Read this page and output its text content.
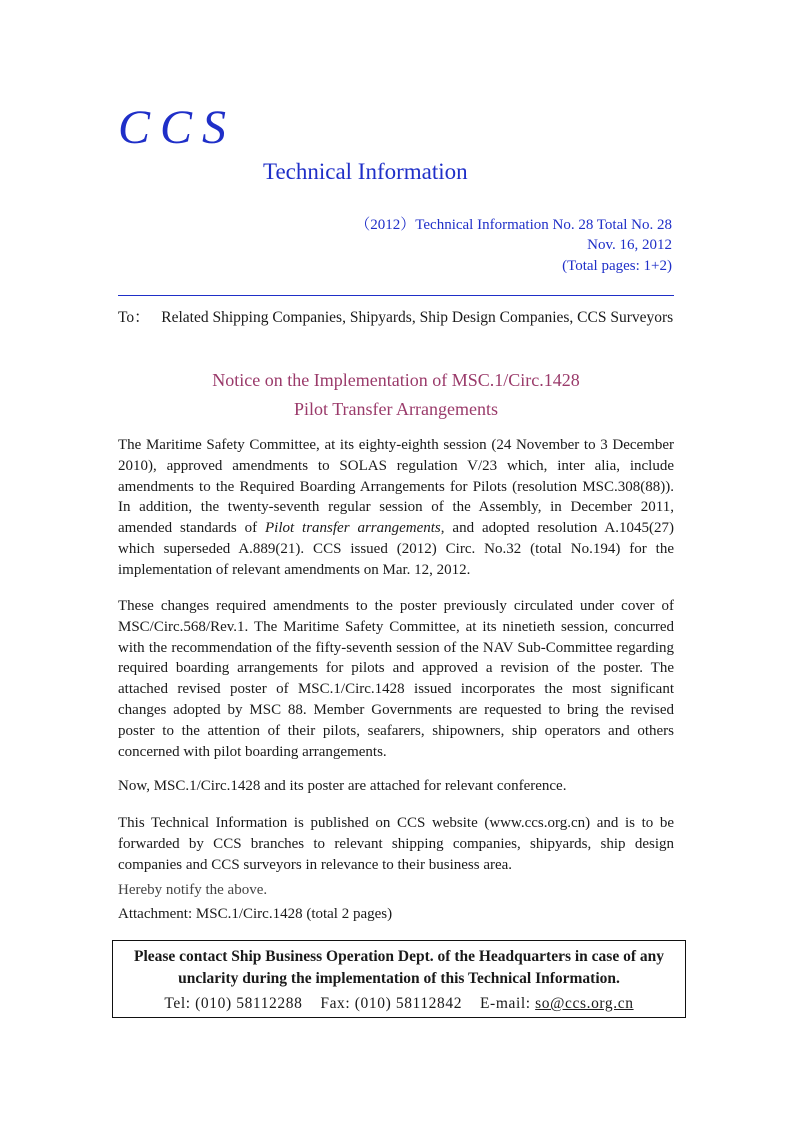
CCS
Technical Information
（2012）Technical Information No. 28 Total No. 28
Nov. 16, 2012
(Total pages: 1+2)
To： Related Shipping Companies, Shipyards, Ship Design Companies, CCS Surveyors
Notice on the Implementation of MSC.1/Circ.1428
Pilot Transfer Arrangements
The Maritime Safety Committee, at its eighty-eighth session (24 November to 3 December 2010), approved amendments to SOLAS regulation V/23 which, inter alia, include amendments to the Required Boarding Arrangements for Pilots (resolution MSC.308(88)). In addition, the twenty-seventh regular session of the Assembly, in December 2011, amended standards of Pilot transfer arrangements, and adopted resolution A.1045(27) which superseded A.889(21). CCS issued (2012) Circ. No.32 (total No.194) for the implementation of relevant amendments on Mar. 12, 2012.
These changes required amendments to the poster previously circulated under cover of MSC/Circ.568/Rev.1. The Maritime Safety Committee, at its ninetieth session, concurred with the recommendation of the fifty-seventh session of the NAV Sub-Committee regarding required boarding arrangements for pilots and approved a revision of the poster. The attached revised poster of MSC.1/Circ.1428 issued incorporates the most significant changes adopted by MSC 88. Member Governments are requested to bring the revised poster to the attention of their pilots, seafarers, shipowners, ship operators and others concerned with pilot boarding arrangements.
Now, MSC.1/Circ.1428 and its poster are attached for relevant conference.
This Technical Information is published on CCS website (www.ccs.org.cn) and is to be forwarded by CCS branches to relevant shipping companies, shipyards, ship design companies and CCS surveyors in relevance to their business area.
Hereby notify the above.
Attachment: MSC.1/Circ.1428 (total 2 pages)
Please contact Ship Business Operation Dept. of the Headquarters in case of any
unclarity during the implementation of this Technical Information.
Tel: (010) 58112288 Fax: (010) 58112842 E-mail: so@ccs.org.cn
